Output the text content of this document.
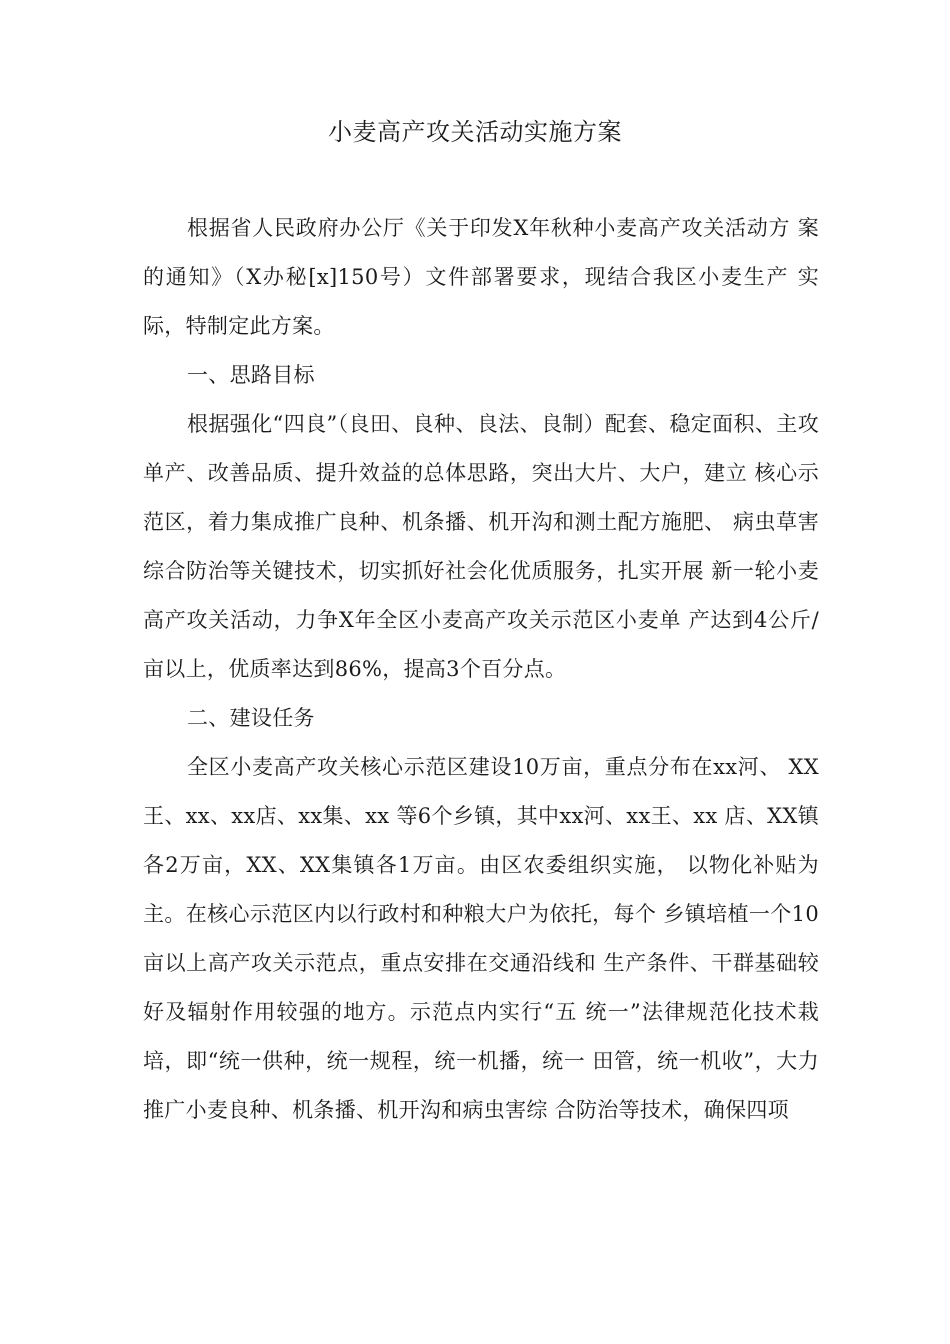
小麦高产攻关活动实施方案

根据省人民政府办公厅《关于印发X年秋种小麦高产攻关活动方 案的通知》（X办秘[x]150号）文件部署要求，现结合我区小麦生产 实际，特制定此方案。

一、思路目标

根据强化“四良”（良田、良种、良法、良制）配套、稳定面积、主攻单产、改善品质、提升效益的总体思路，突出大片、大户，建立 核心示范区，着力集成推广良种、机条播、机开沟和测土配方施肥、 病虫草害综合防治等关键技术，切实抓好社会化优质服务，扎实开展 新一轮小麦高产攻关活动，力争X年全区小麦高产攻关示范区小麦单 产达到4公斤/亩以上，优质率达到86%，提高3个百分点。

二、建设任务

全区小麦高产攻关核心示范区建设10万亩，重点分布在xx河、 XX王、xx、xx店、xx集、xx 等6个乡镇，其中xx河、xx王、xx 店、XX镇各2万亩，XX、XX集镇各1万亩。由区农委组织实施， 以物化补贴为主。在核心示范区内以行政村和种粮大户为依托，每个 乡镇培植一个10亩以上高产攻关示范点，重点安排在交通沿线和 生产条件、干群基础较好及辐射作用较强的地方。示范点内实行“五 统一”法律规范化技术栽培，即“统一供种，统一规程，统一机播，统一 田管，统一机收”，大力推广小麦良种、机条播、机开沟和病虫害综 合防治等技术，确保四项
